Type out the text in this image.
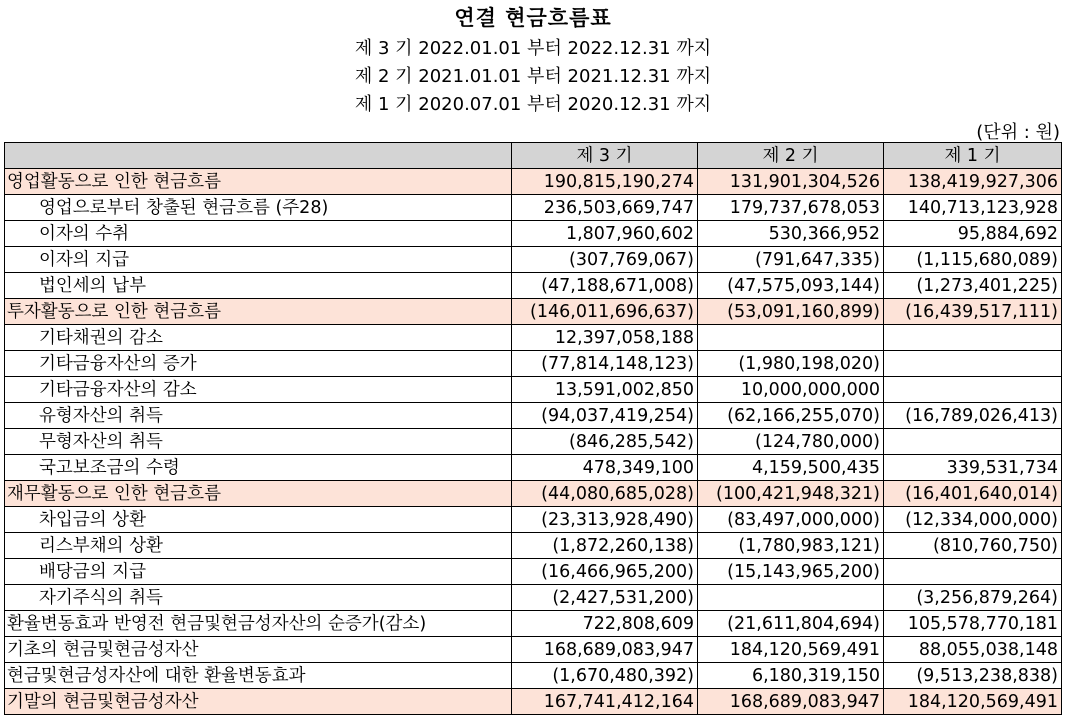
연결 현금흐름표
제 3 기 2022.01.01 부터 2022.12.31 까지
제 2 기 2021.01.01 부터 2021.12.31 까지
제 1 기 2020.07.01 부터 2020.12.31 까지
(단위 : 원)
	제 3 기	제 2 기	제 1 기
영업활동으로 인한 현금흐름	190,815,190,274	131,901,304,526	138,419,927,306
영업으로부터 창출된 현금흐름 (주28)	236,503,669,747	179,737,678,053	140,713,123,928
이자의 수취	1,807,960,602	530,366,952	95,884,692
이자의 지급	(307,769,067)	(791,647,335)	(1,115,680,089)
법인세의 납부	(47,188,671,008)	(47,575,093,144)	(1,273,401,225)
투자활동으로 인한 현금흐름	(146,011,696,637)	(53,091,160,899)	(16,439,517,111)
기타채권의 감소	12,397,058,188		
기타금융자산의 증가	(77,814,148,123)	(1,980,198,020)	
기타금융자산의 감소	13,591,002,850	10,000,000,000	
유형자산의 취득	(94,037,419,254)	(62,166,255,070)	(16,789,026,413)
무형자산의 취득	(846,285,542)	(124,780,000)	
국고보조금의 수령	478,349,100	4,159,500,435	339,531,734
재무활동으로 인한 현금흐름	(44,080,685,028)	(100,421,948,321)	(16,401,640,014)
차입금의 상환	(23,313,928,490)	(83,497,000,000)	(12,334,000,000)
리스부채의 상환	(1,872,260,138)	(1,780,983,121)	(810,760,750)
배당금의 지급	(16,466,965,200)	(15,143,965,200)	
자기주식의 취득	(2,427,531,200)		(3,256,879,264)
환율변동효과 반영전 현금및현금성자산의 순증가(감소)	722,808,609	(21,611,804,694)	105,578,770,181
기초의 현금및현금성자산	168,689,083,947	184,120,569,491	88,055,038,148
현금및현금성자산에 대한 환율변동효과	(1,670,480,392)	6,180,319,150	(9,513,238,838)
기말의 현금및현금성자산	167,741,412,164	168,689,083,947	184,120,569,491
